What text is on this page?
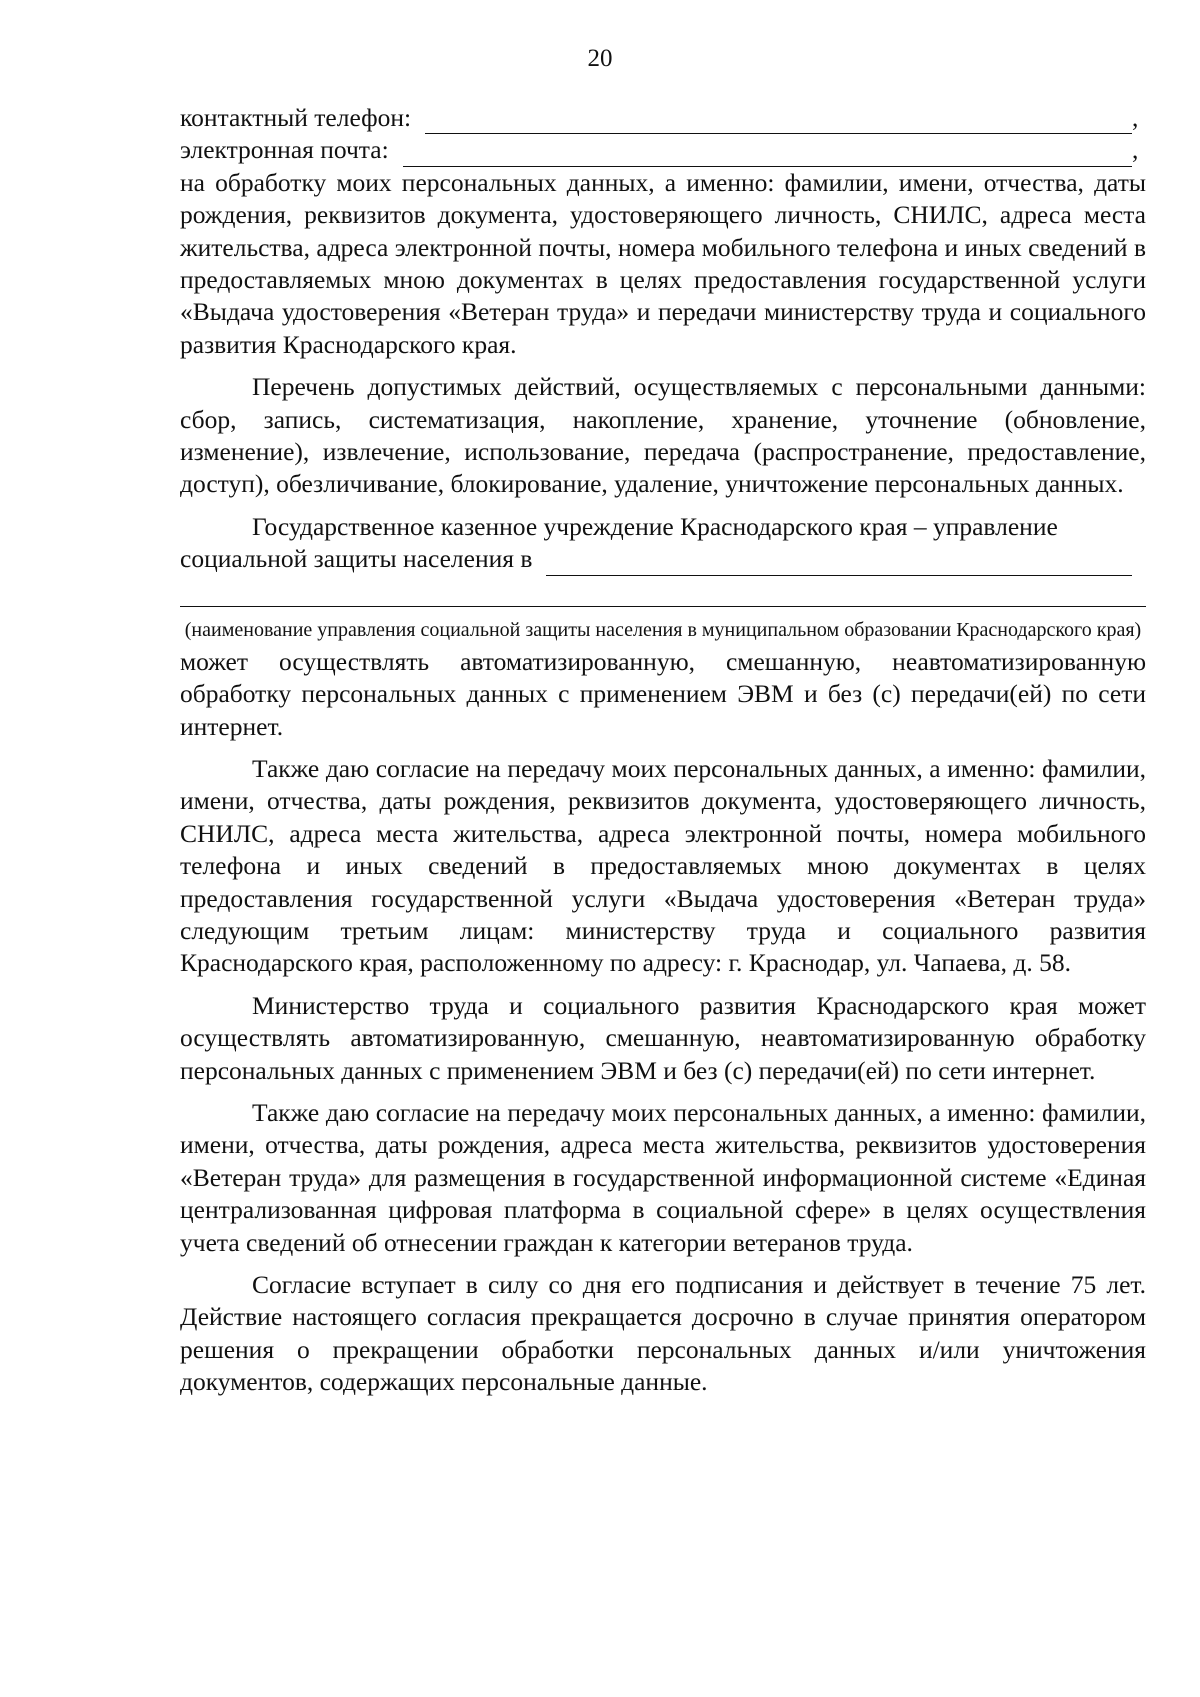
20
контактный телефон:	,
электронная почта:	,

на обработку моих персональных данных, а именно: фамилии, имени, отчества, даты рождения, реквизитов документа, удостоверяющего личность, СНИЛС, адреса места жительства, адреса электронной почты, номера мобильного телефона и иных сведений в предоставляемых мною документах в целях предоставления государственной услуги «Выдача удостоверения «Ветеран труда» и передачи министерству труда и социального развития Краснодарского края.

Перечень допустимых действий, осуществляемых с персональными данными: сбор, запись, систематизация, накопление, хранение, уточнение (обновление, изменение), извлечение, использование, передача (распространение, предоставление, доступ), обезличивание, блокирование, удаление, уничтожение персональных данных.

Государственное казенное учреждение Краснодарского края – управление

социальной защиты населения в
(наименование управления социальной защиты населения в муниципальном образовании Краснодарского края)

может осуществлять автоматизированную, смешанную, неавтоматизированную обработку персональных данных с применением ЭВМ и без (с) передачи(ей) по сети интернет.

Также даю согласие на передачу моих персональных данных, а именно: фамилии, имени, отчества, даты рождения, реквизитов документа, удостоверяющего личность, СНИЛС, адреса места жительства, адреса электронной почты, номера мобильного телефона и иных сведений в предоставляемых мною документах в целях предоставления государственной услуги «Выдача удостоверения «Ветеран труда» следующим третьим лицам: министерству труда и социального развития Краснодарского края, расположенному по адресу: г. Краснодар, ул. Чапаева, д. 58.

Министерство труда и социального развития Краснодарского края может осуществлять автоматизированную, смешанную, неавтоматизированную обработку персональных данных с применением ЭВМ и без (с) передачи(ей) по сети интернет.

Также даю согласие на передачу моих персональных данных, а именно: фамилии, имени, отчества, даты рождения, адреса места жительства, реквизитов удостоверения «Ветеран труда» для размещения в государственной информационной системе «Единая централизованная цифровая платформа в социальной сфере» в целях осуществления учета сведений об отнесении граждан к категории ветеранов труда.

Согласие вступает в силу со дня его подписания и действует в течение 75 лет. Действие настоящего согласия прекращается досрочно в случае принятия оператором решения о прекращении обработки персональных данных и/или уничтожения документов, содержащих персональные данные.
